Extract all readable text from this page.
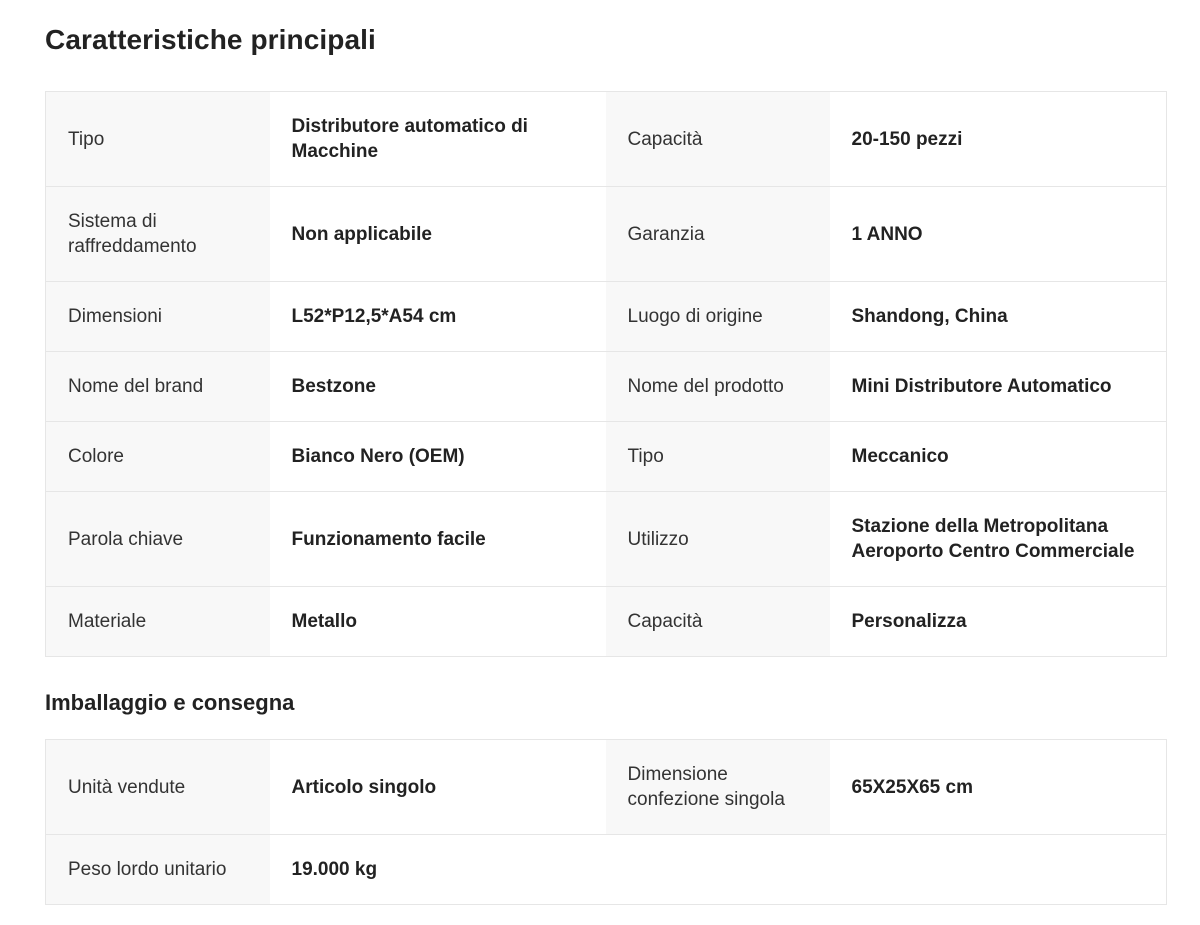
Caratteristiche principali
Tipo	Distributore automatico di Macchine	Capacità	20-150 pezzi
Sistema di raffreddamento	Non applicabile	Garanzia	1 ANNO
Dimensioni	L52*P12,5*A54 cm	Luogo di origine	Shandong, China
Nome del brand	Bestzone	Nome del prodotto	Mini Distributore Automatico
Colore	Bianco Nero (OEM)	Tipo	Meccanico
Parola chiave	Funzionamento facile	Utilizzo	Stazione della Metropolitana Aeroporto Centro Commerciale
Materiale	Metallo	Capacità	Personalizza
Imballaggio e consegna
Unità vendute	Articolo singolo	Dimensione confezione singola	65X25X65 cm
Peso lordo unitario	19.000 kg		
